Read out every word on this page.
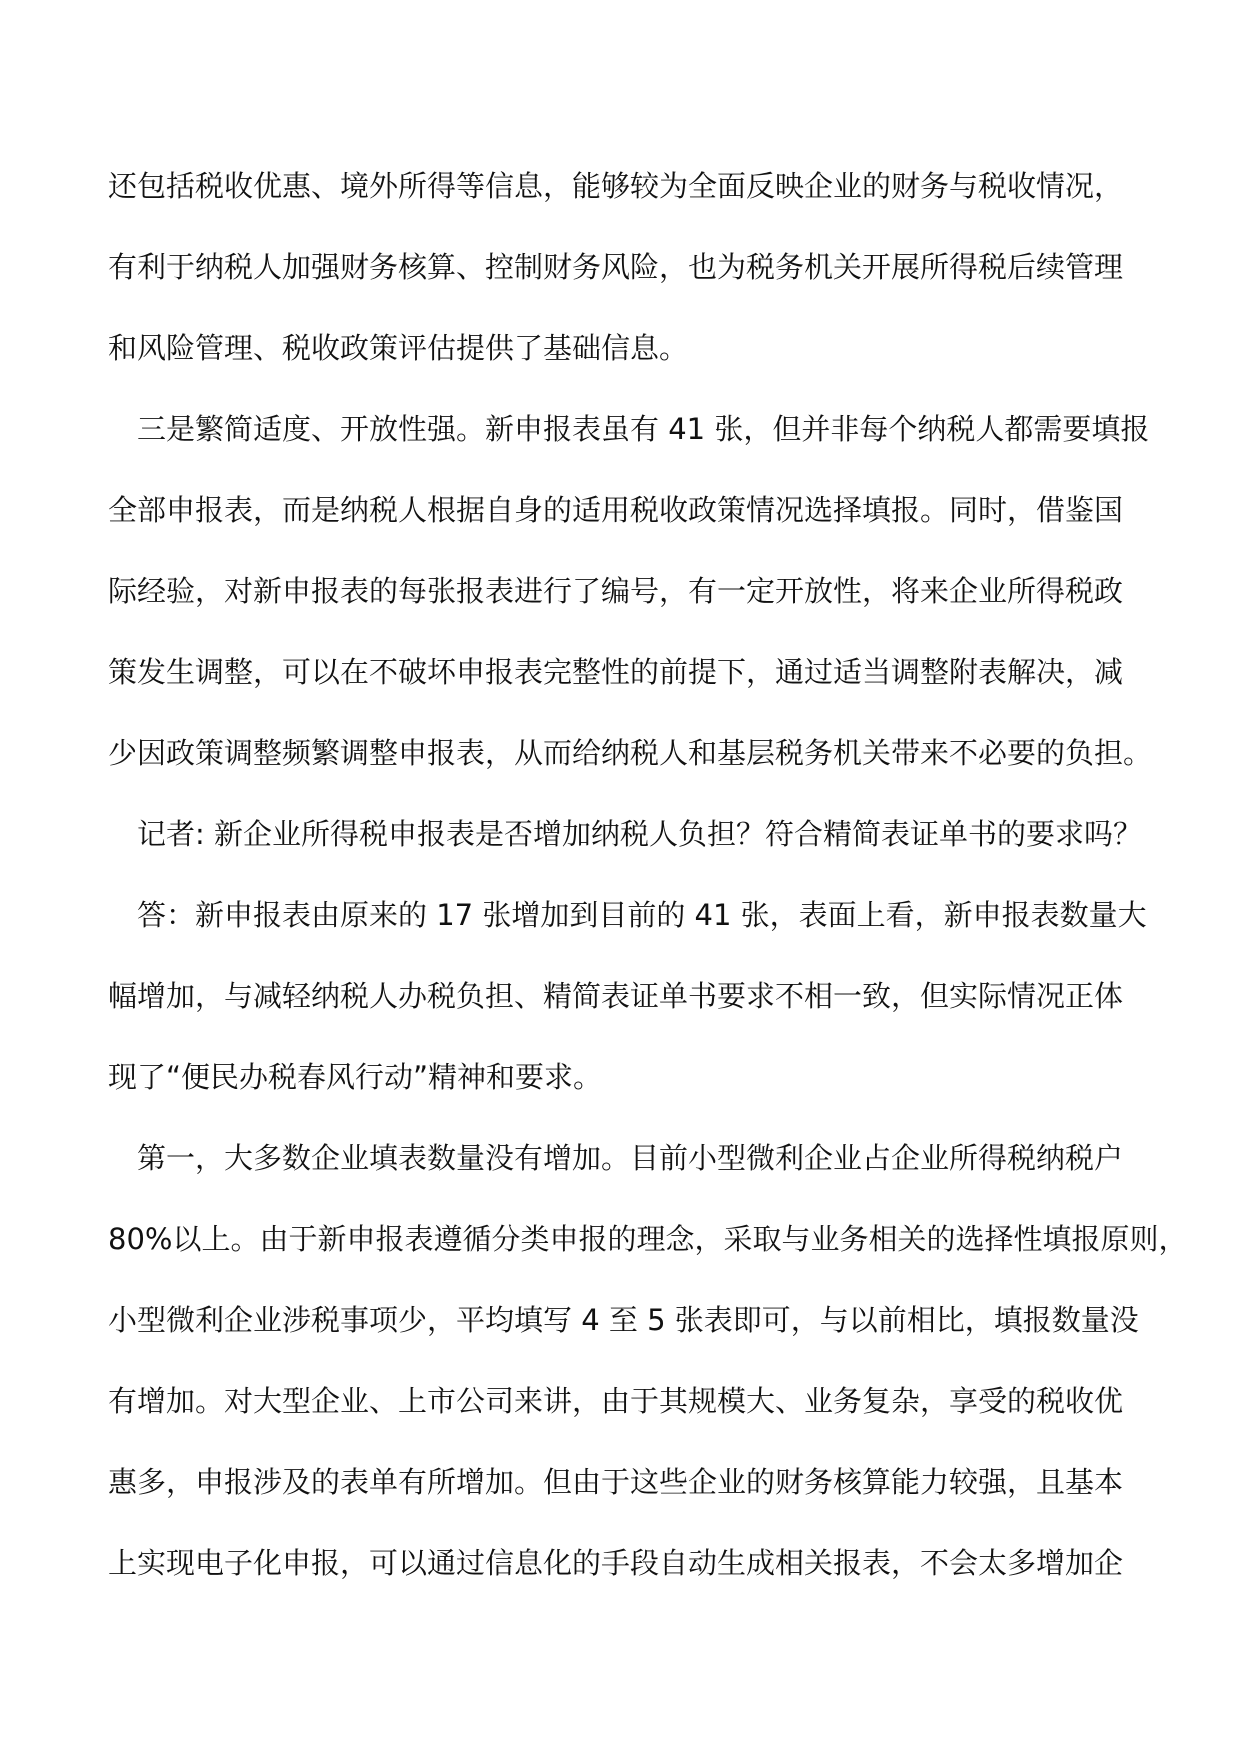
还包括税收优惠、境外所得等信息，能够较为全面反映企业的财务与税收情况，
有利于纳税人加强财务核算、控制财务风险，也为税务机关开展所得税后续管理
和风险管理、税收政策评估提供了基础信息。
　三是繁简适度、开放性强。新申报表虽有 41 张，但并非每个纳税人都需要填报
全部申报表，而是纳税人根据自身的适用税收政策情况选择填报。同时，借鉴国
际经验，对新申报表的每张报表进行了编号，有一定开放性，将来企业所得税政
策发生调整，可以在不破坏申报表完整性的前提下，通过适当调整附表解决，减
少因政策调整频繁调整申报表，从而给纳税人和基层税务机关带来不必要的负担。
　记者: 新企业所得税申报表是否增加纳税人负担？符合精简表证单书的要求吗？
　答：新申报表由原来的 17 张增加到目前的 41 张，表面上看，新申报表数量大
幅增加，与减轻纳税人办税负担、精简表证单书要求不相一致，但实际情况正体
现了“便民办税春风行动”精神和要求。
　第一，大多数企业填表数量没有增加。目前小型微利企业占企业所得税纳税户
80%以上。由于新申报表遵循分类申报的理念，采取与业务相关的选择性填报原则，
小型微利企业涉税事项少，平均填写 4 至 5 张表即可，与以前相比，填报数量没
有增加。对大型企业、上市公司来讲，由于其规模大、业务复杂，享受的税收优
惠多，申报涉及的表单有所增加。但由于这些企业的财务核算能力较强，且基本
上实现电子化申报，可以通过信息化的手段自动生成相关报表，不会太多增加企
